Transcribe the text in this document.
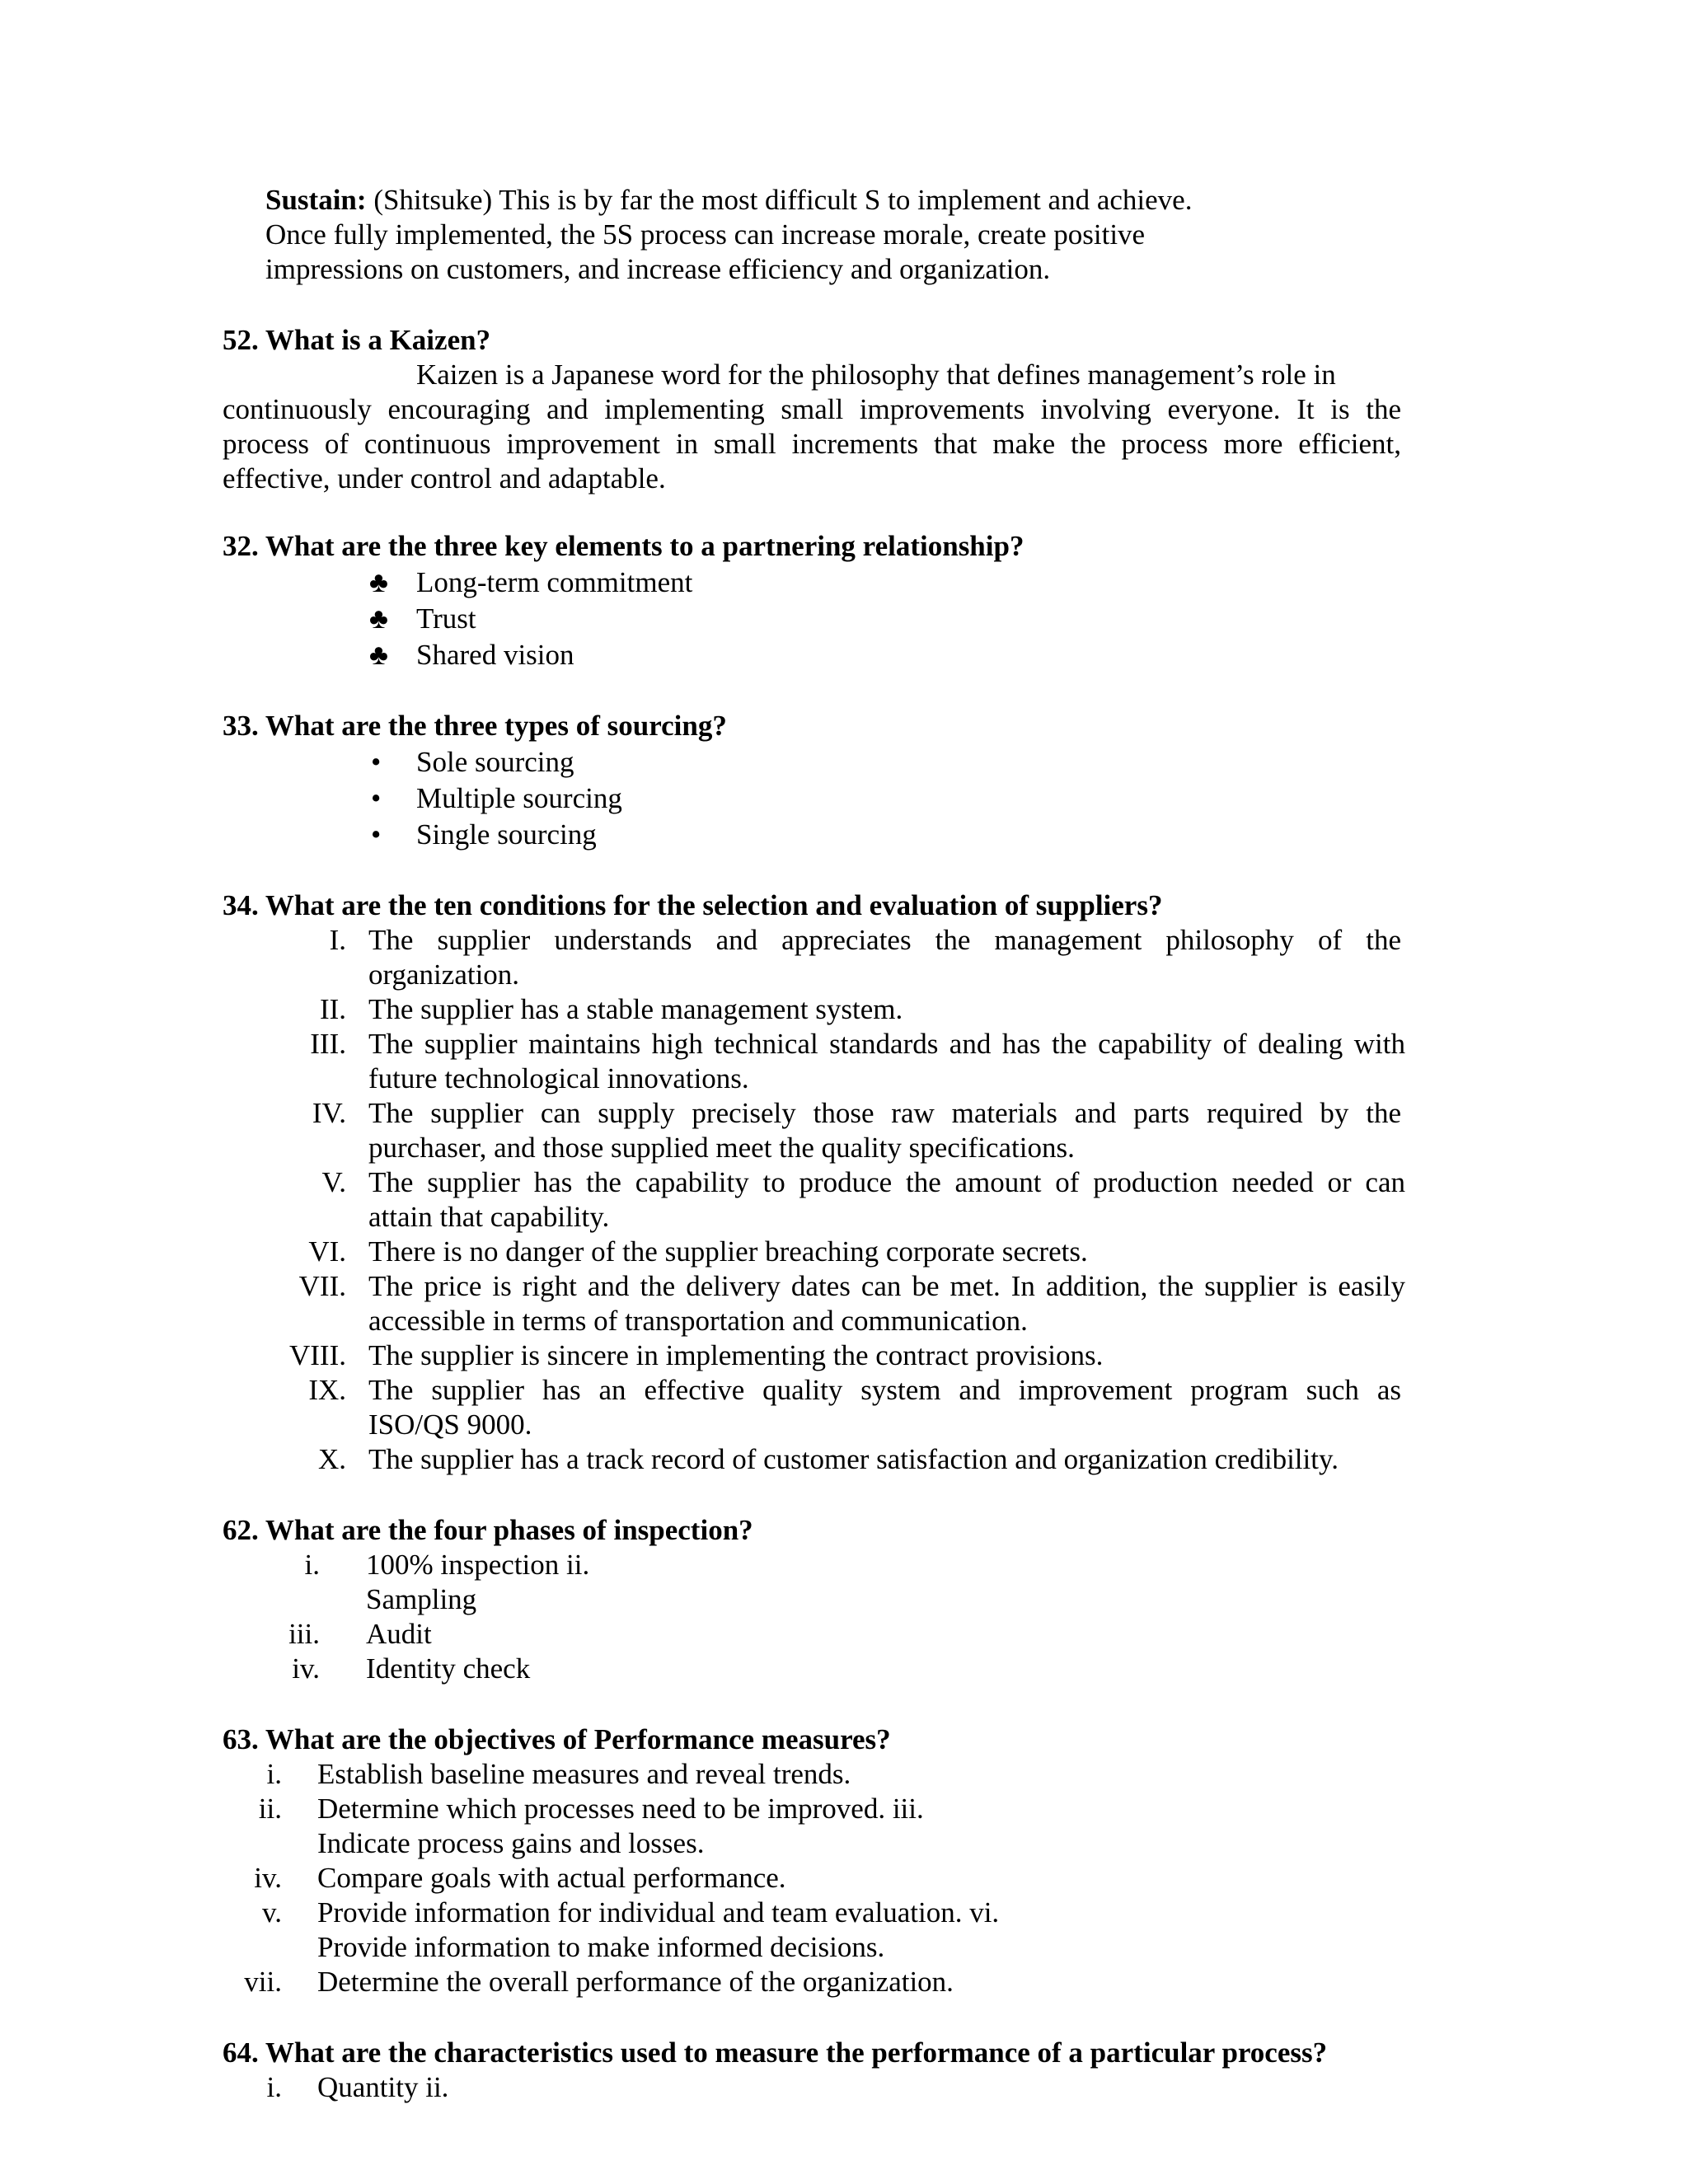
Sustain: (Shitsuke) This is by far the most difficult S to implement and achieve.
Once fully implemented, the 5S process can increase morale, create positive
impressions on customers, and increase efficiency and organization.
52. What is a Kaizen?
Kaizen is a Japanese word for the philosophy that defines management’s role in
continuously encouraging and implementing small improvements involving everyone. It is the
process of continuous improvement in small increments that make the process more efficient,
effective, under control and adaptable.
32. What are the three key elements to a partnering relationship?
♣ Long-term commitment
♣ Trust
♣ Shared vision
33. What are the three types of sourcing?
• Sole sourcing
• Multiple sourcing
• Single sourcing
34. What are the ten conditions for the selection and evaluation of suppliers?
I. The supplier understands and appreciates the management philosophy of the
organization.
II. The supplier has a stable management system.
III. The supplier maintains high technical standards and has the capability of dealing with
future technological innovations.
IV. The supplier can supply precisely those raw materials and parts required by the
purchaser, and those supplied meet the quality specifications.
V. The supplier has the capability to produce the amount of production needed or can
attain that capability.
VI. There is no danger of the supplier breaching corporate secrets.
VII. The price is right and the delivery dates can be met. In addition, the supplier is easily
accessible in terms of transportation and communication.
VIII. The supplier is sincere in implementing the contract provisions.
IX. The supplier has an effective quality system and improvement program such as
ISO/QS 9000.
X. The supplier has a track record of customer satisfaction and organization credibility.
62. What are the four phases of inspection?
i. 100% inspection ii.
Sampling
iii. Audit
iv. Identity check
63. What are the objectives of Performance measures?
i. Establish baseline measures and reveal trends.
ii. Determine which processes need to be improved. iii.
Indicate process gains and losses.
iv. Compare goals with actual performance.
v. Provide information for individual and team evaluation. vi.
Provide information to make informed decisions.
vii. Determine the overall performance of the organization.
64. What are the characteristics used to measure the performance of a particular process?
i. Quantity ii.
